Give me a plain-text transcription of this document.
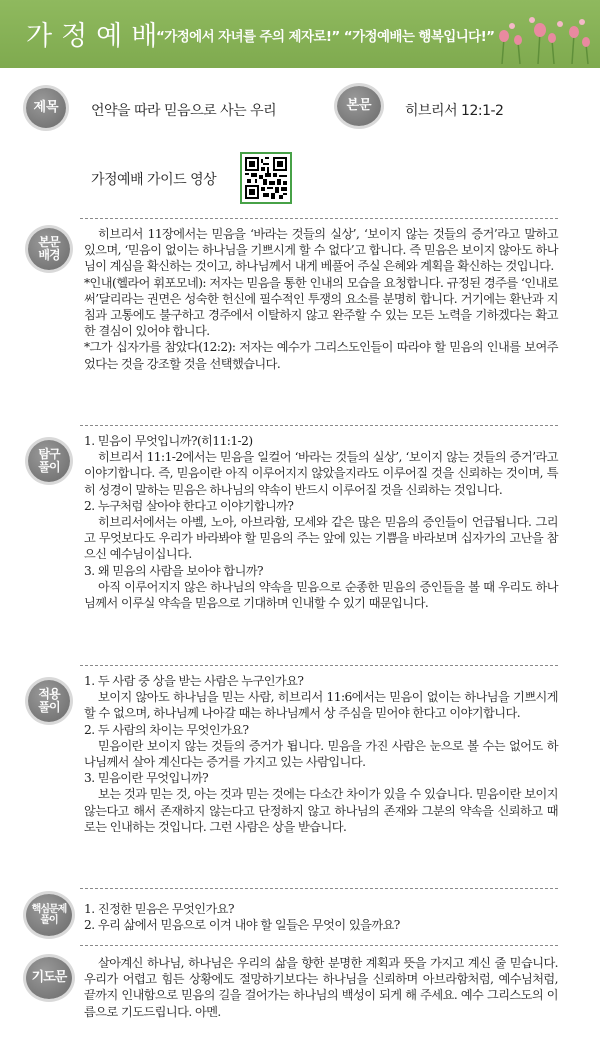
가정예배
“가정에서 자녀를 주의 제자로!” “가정예배는 행복입니다!”
제목	언약을 따라 믿음으로 사는 우리	본문	히브리서 12:1-2
가정예배 가이드 영상
본문
배경

히브리서 11장에서는 믿음을 ‘바라는 것들의 실상’, ‘보이지 않는 것들의 증거’라고 말하고 있으며, ‘믿음이 없이는 하나님을 기쁘시게 할 수 없다’고 합니다. 즉 믿음은 보이지 않아도 하나님이 계심을 확신하는 것이고, 하나님께서 내게 베풀어 주실 은혜와 계획을 확신하는 것입니다.

*인내(헬라어 휘포모네): 저자는 믿음을 통한 인내의 모습을 요청합니다. 규정된 경주를 ‘인내로써’달리라는 권면은 성숙한 헌신에 필수적인 투쟁의 요소를 분명히 합니다. 거기에는 환난과 지침과 고통에도 불구하고 경주에서 이탈하지 않고 완주할 수 있는 모든 노력을 기하겠다는 확고한 결심이 있어야 합니다.

*그가 십자가를 참았다(12:2): 저자는 예수가 그리스도인들이 따라야 할 믿음의 인내를 보여주었다는 것을 강조할 것을 선택했습니다.

탐구
풀이

1. 믿음이 무엇입니까?(히11:1-2)

히브리서 11:1-2에서는 믿음을 일컬어 ‘바라는 것들의 실상’, ‘보이지 않는 것들의 증거’라고 이야기합니다. 즉, 믿음이란 아직 이루어지지 않았을지라도 이루어질 것을 신뢰하는 것이며, 특히 성경이 말하는 믿음은 하나님의 약속이 반드시 이루어질 것을 신뢰하는 것입니다.

2. 누구처럼 살아야 한다고 이야기합니까?

히브리서에서는 아벨, 노아, 아브라함, 모세와 같은 많은 믿음의 증인들이 언급됩니다. 그리고 무엇보다도 우리가 바라봐야 할 믿음의 주는 앞에 있는 기쁨을 바라보며 십자가의 고난을 참으신 예수님이십니다.

3. 왜 믿음의 사람을 보아야 합니까?

아직 이루어지지 않은 하나님의 약속을 믿음으로 순종한 믿음의 증인들을 볼 때 우리도 하나님께서 이루실 약속을 믿음으로 기대하며 인내할 수 있기 때문입니다.

적용
풀이

1. 두 사람 중 상을 받는 사람은 누구인가요?

보이지 않아도 하나님을 믿는 사람, 히브리서 11:6에서는 믿음이 없이는 하나님을 기쁘시게 할 수 없으며, 하나님께 나아갈 때는 하나님께서 상 주심을 믿어야 한다고 이야기합니다.

2. 두 사람의 차이는 무엇인가요?

믿음이란 보이지 않는 것들의 증거가 됩니다. 믿음을 가진 사람은 눈으로 볼 수는 없어도 하나님께서 살아 계신다는 증거를 가지고 있는 사람입니다.

3. 믿음이란 무엇입니까?

보는 것과 믿는 것, 아는 것과 믿는 것에는 다소간 차이가 있을 수 있습니다. 믿음이란 보이지 않는다고 해서 존재하지 않는다고 단정하지 않고 하나님의 존재와 그분의 약속을 신뢰하고 때로는 인내하는 것입니다. 그런 사람은 상을 받습니다.

핵심문제
풀이

1. 진정한 믿음은 무엇인가요?

2. 우리 삶에서 믿음으로 이겨 내야 할 일들은 무엇이 있을까요?

기도문

살아계신 하나님, 하나님은 우리의 삶을 향한 분명한 계획과 뜻을 가지고 계신 줄 믿습니다. 우리가 어렵고 힘든 상황에도 절망하기보다는 하나님을 신뢰하며 아브라함처럼, 예수님처럼, 끝까지 인내함으로 믿음의 길을 걸어가는 하나님의 백성이 되게 해 주세요. 예수 그리스도의 이름으로 기도드립니다. 아멘.
